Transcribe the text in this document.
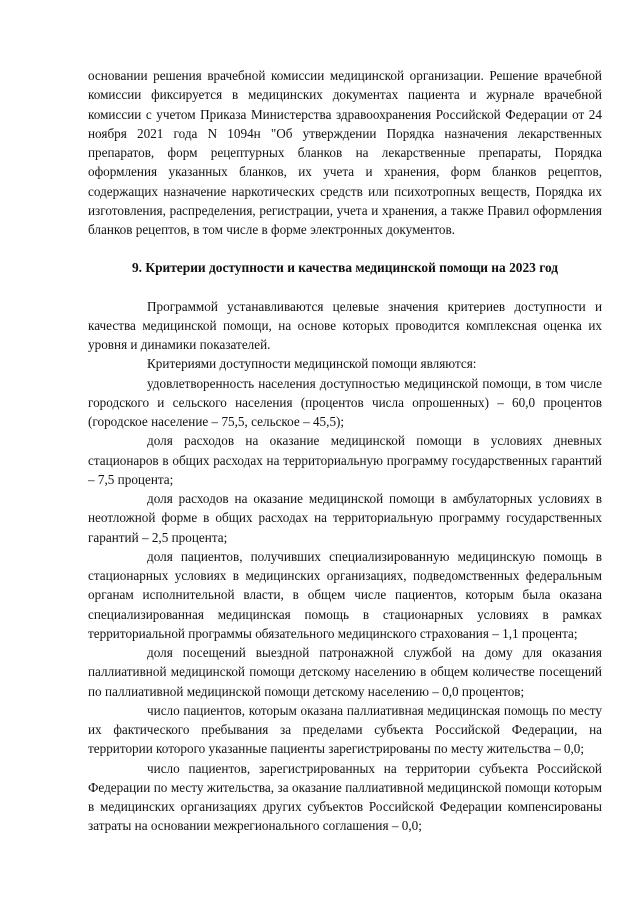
основании решения врачебной комиссии медицинской организации. Решение врачебной комиссии фиксируется в медицинских документах пациента и журнале врачебной комиссии с учетом Приказа Министерства здравоохранения Российской Федерации от 24 ноября 2021 года N 1094н "Об утверждении Порядка назначения лекарственных препаратов, форм рецептурных бланков на лекарственные препараты, Порядка оформления указанных бланков, их учета и хранения, форм бланков рецептов, содержащих назначение наркотических средств или психотропных веществ, Порядка их изготовления, распределения, регистрации, учета и хранения, а также Правил оформления бланков рецептов, в том числе в форме электронных документов.

9. Критерии доступности и качества медицинской помощи на 2023 год

Программой устанавливаются целевые значения критериев доступности и качества медицинской помощи, на основе которых проводится комплексная оценка их уровня и динамики показателей.

Критериями доступности медицинской помощи являются:

удовлетворенность населения доступностью медицинской помощи, в том числе городского и сельского населения (процентов числа опрошенных) – 60,0 процентов (городское население – 75,5, сельское – 45,5);

доля расходов на оказание медицинской помощи в условиях дневных стационаров в общих расходах на территориальную программу государственных гарантий – 7,5 процента;

доля расходов на оказание медицинской помощи в амбулаторных условиях в неотложной форме в общих расходах на территориальную программу государственных гарантий – 2,5 процента;

доля пациентов, получивших специализированную медицинскую помощь в стационарных условиях в медицинских организациях, подведомственных федеральным органам исполнительной власти, в общем числе пациентов, которым была оказана специализированная медицинская помощь в стационарных условиях в рамках территориальной программы обязательного медицинского страхования – 1,1 процента;

доля посещений выездной патронажной службой на дому для оказания паллиативной медицинской помощи детскому населению в общем количестве посещений по паллиативной медицинской помощи детскому населению – 0,0 процентов;

число пациентов, которым оказана паллиативная медицинская помощь по месту их фактического пребывания за пределами субъекта Российской Федерации, на территории которого указанные пациенты зарегистрированы по месту жительства – 0,0;

число пациентов, зарегистрированных на территории субъекта Российской Федерации по месту жительства, за оказание паллиативной медицинской помощи которым в медицинских организациях других субъектов Российской Федерации компенсированы затраты на основании межрегионального соглашения – 0,0;
